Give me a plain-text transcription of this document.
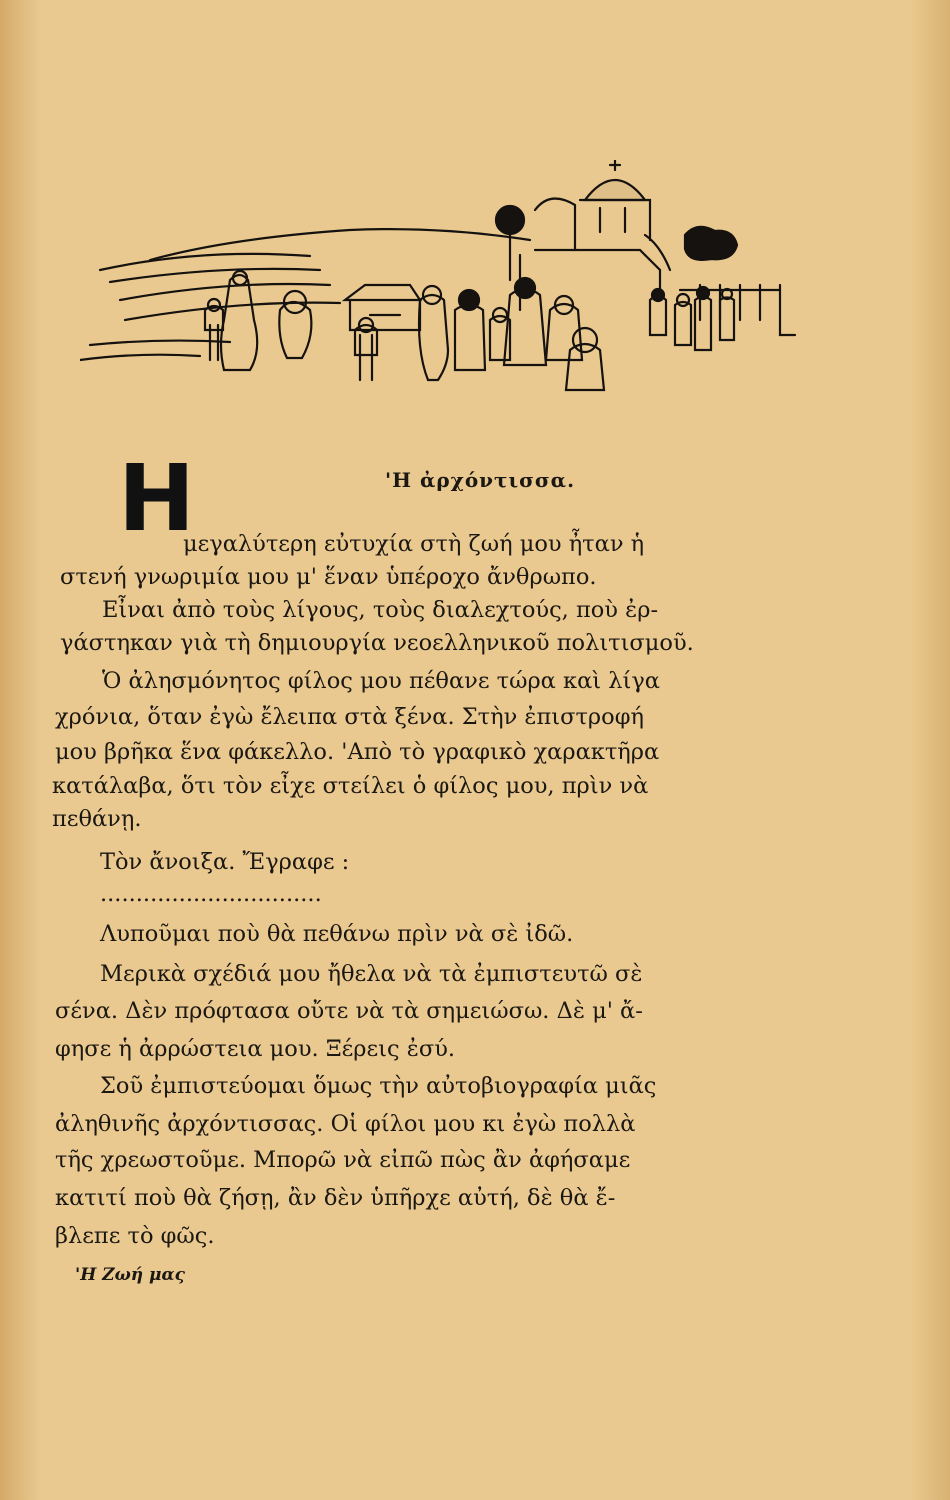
Η	'Η ἀρχόντισσα.
μεγαλύτερη εὐτυχία στὴ ζωή μου ἦταν ἡ
στενή γνωριμία μου μ' ἕναν ὑπέροχο ἄνθρωπο.
Εἶναι ἀπὸ τοὺς λίγους, τοὺς διαλεχτούς, ποὺ ἐρ-
γάστηκαν γιὰ τὴ δημιουργία νεοελληνικοῦ πολιτισμοῦ.
Ὁ ἀλησμόνητος φίλος μου πέθανε τώρα καὶ λίγα
χρόνια, ὅταν ἐγὼ ἔλειπα στὰ ξένα. Στὴν ἐπιστροφή
μου βρῆκα ἕνα φάκελλο. 'Απὸ τὸ γραφικὸ χαρακτῆρα
κατάλαβα, ὅτι τὸν εἶχε στείλει ὁ φίλος μου, πρὶν νὰ
πεθάνῃ.
Τὸν ἄνοιξα. Ἔγραφε :
...............................
Λυποῦμαι ποὺ θὰ πεθάνω πρὶν νὰ σὲ ἰδῶ.
Μερικὰ σχέδιά μου ἤθελα νὰ τὰ ἐμπιστευτῶ σὲ
σένα. Δὲν πρόφτασα οὔτε νὰ τὰ σημειώσω. Δὲ μ' ἄ-
φησε ἡ ἀρρώστεια μου. Ξέρεις ἐσύ.
Σοῦ ἐμπιστεύομαι ὅμως τὴν αὐτοβιογραφία μιᾶς
ἀληθινῆς ἀρχόντισσας. Οἱ φίλοι μου κι ἐγὼ πολλὰ
τῆς χρεωστοῦμε. Μπορῶ νὰ εἰπῶ πὼς ἂν ἀφήσαμε
κατιτί ποὺ θὰ ζήσῃ, ἂν δὲν ὑπῆρχε αὐτή, δὲ θὰ ἔ-
βλεπε τὸ φῶς.
'Η Ζωή μας
